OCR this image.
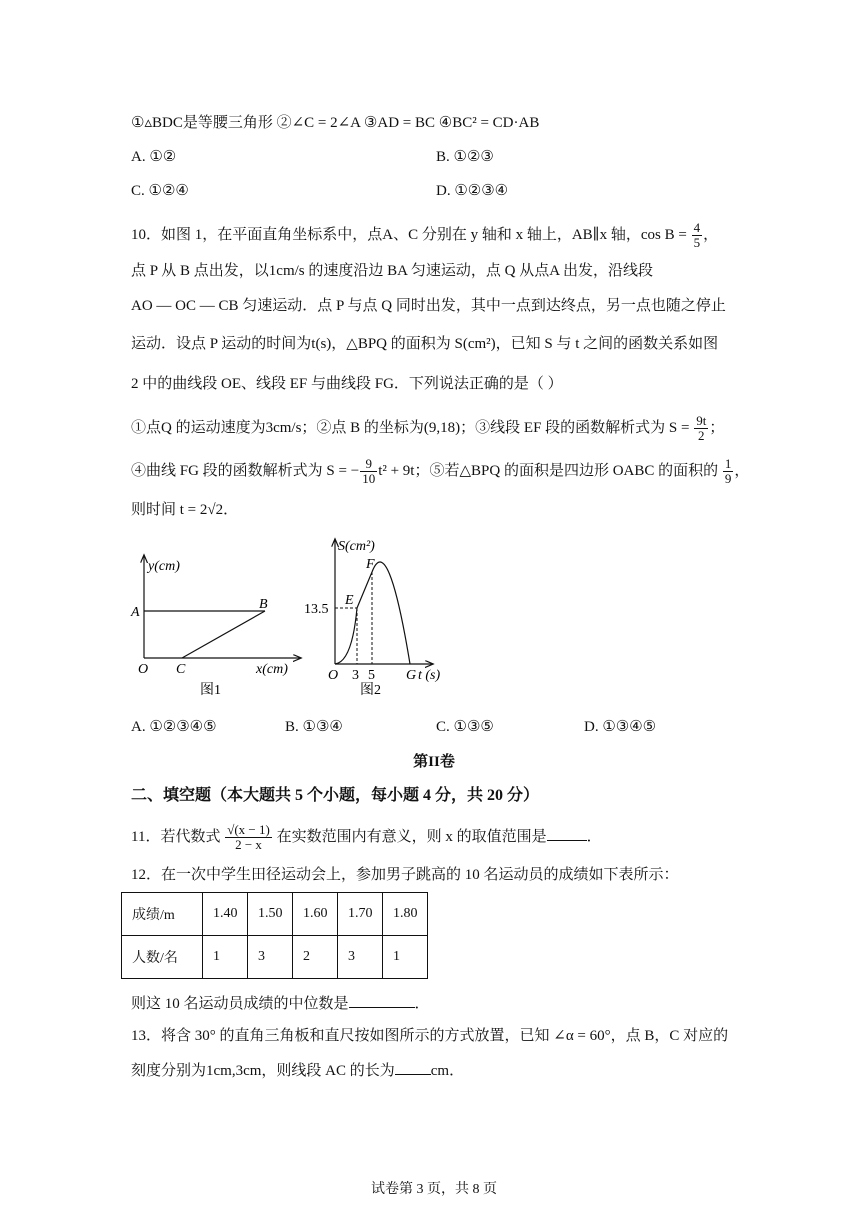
①▵BDC是等腰三角形 ②∠C = 2∠A ③AD = BC ④BC² = CD·AB
A. ①②	B. ①②③
C. ①②④	D. ①②③④
10．如图 1，在平面直角坐标系中，点A、C 分别在 y 轴和 x 轴上，AB∥x 轴，$\cos B = \frac{4}{5}$ ，
点 P 从 B 点出发，以1cm/s 的速度沿边 BA 匀速运动，点 Q 从点A 出发，沿线段
AO — OC — CB 匀速运动．点 P 与点 Q 同时出发，其中一点到达终点，另一点也随之停止
运动．设点 P 运动的时间为t(s)，△BPQ 的面积为 S(cm²)，已知 S 与 t 之间的函数关系如图
2 中的曲线段 OE、线段 EF 与曲线段 FG．下列说法正确的是（ ）
①点Q 的运动速度为3cm/s；②点 B 的坐标为(9,18)；③线段 EF 段的函数解析式为 $S = \frac{9t}{2}$ ；
④曲线 FG 段的函数解析式为 S = − $\frac{9}{10} t^2 + 9t$；⑤若△BPQ 的面积是四边形 OABC 的面积的 $\frac{1}{9}$ ，
则时间 t = 2√2．
y(cm)
A
B
O C	x(cm)
图1
S(cm²)
F
E
13.5
O 3 5 G t (s)
图2
A. ①②③④⑤	B. ①③④	C. ①③⑤	D. ①③④⑤
第II卷
二、填空题（本大题共 5 个小题，每小题 4 分，共 20 分）
11．若代数式 $\frac{√(x - 1)}{2 - x}$ 在实数范围内有意义，则 x 的取值范围是	．
12．在一次中学生田径运动会上，参加男子跳高的 10 名运动员的成绩如下表所示：
成绩/m	1.40	1.50	1.60	1.70	1.80
人数/名	1	3	2	3	1
则这 10 名运动员成绩的中位数是	．
13．将含 30° 的直角三角板和直尺按如图所示的方式放置，已知 ∠α = 60°，点 B，C 对应的
刻度分别为1cm,3cm，则线段 AC 的长为 cm．
试卷第 3 页，共 8 页
